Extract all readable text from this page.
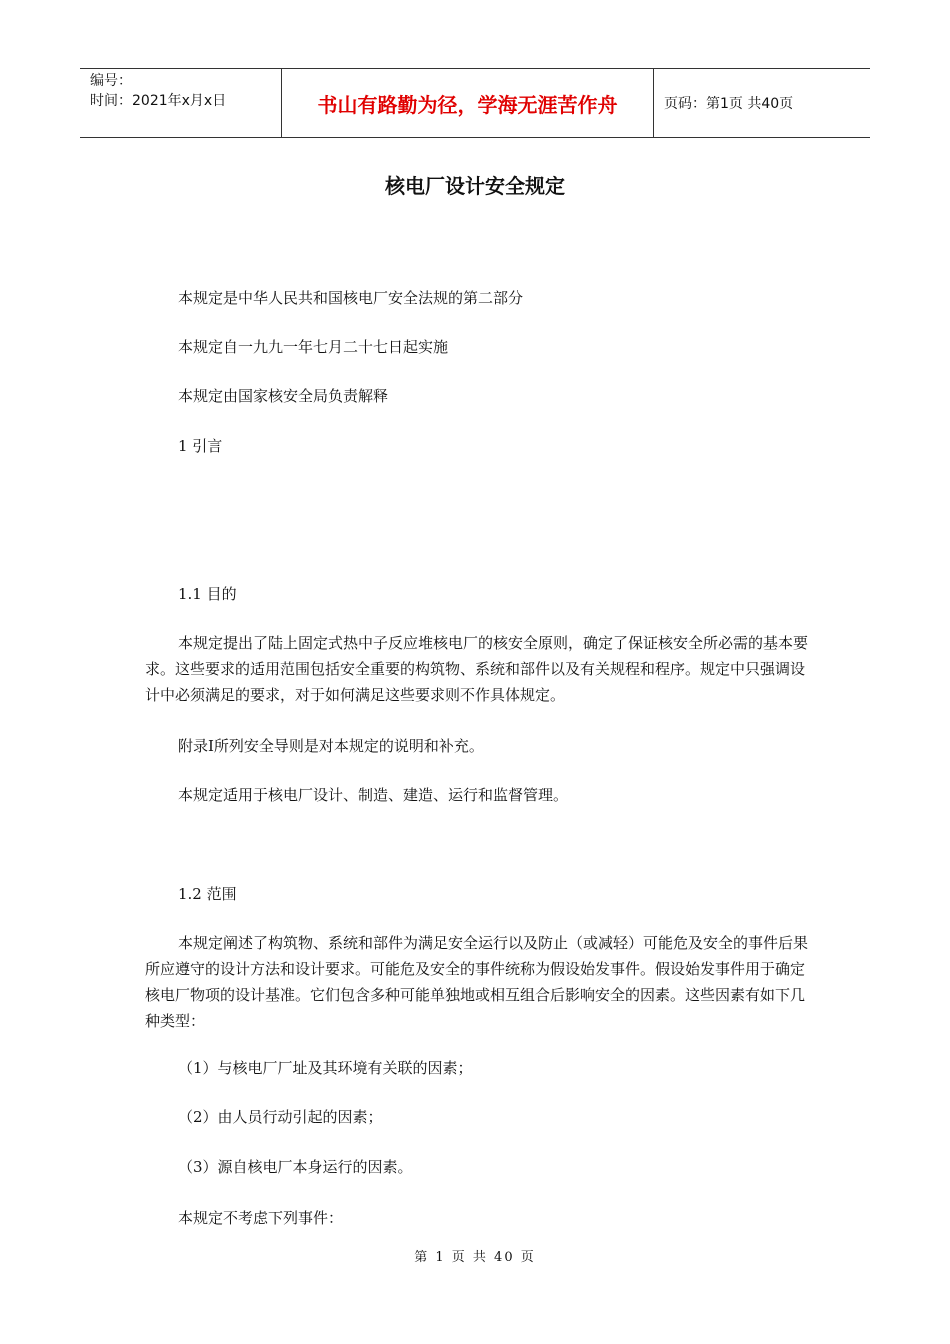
编号：
时间：2021年x月x日	书山有路勤为径，学海无涯苦作舟	页码：第1页 共40页
核电厂设计安全规定
本规定是中华人民共和国核电厂安全法规的第二部分
本规定自一九九一年七月二十七日起实施
本规定由国家核安全局负责解释
1 引言
1.1 目的
本规定提出了陆上固定式热中子反应堆核电厂的核安全原则，确定了保证核安全所必需的基本要求。这些要求的适用范围包括安全重要的构筑物、系统和部件以及有关规程和程序。规定中只强调设计中必须满足的要求，对于如何满足这些要求则不作具体规定。
附录I所列安全导则是对本规定的说明和补充。
本规定适用于核电厂设计、制造、建造、运行和监督管理。
1.2 范围
本规定阐述了构筑物、系统和部件为满足安全运行以及防止（或减轻）可能危及安全的事件后果所应遵守的设计方法和设计要求。可能危及安全的事件统称为假设始发事件。假设始发事件用于确定核电厂物项的设计基准。它们包含多种可能单独地或相互组合后影响安全的因素。这些因素有如下几种类型：
（1）与核电厂厂址及其环境有关联的因素；
（2）由人员行动引起的因素；
（3）源自核电厂本身运行的因素。
本规定不考虑下列事件：
第 1 页 共 40 页
